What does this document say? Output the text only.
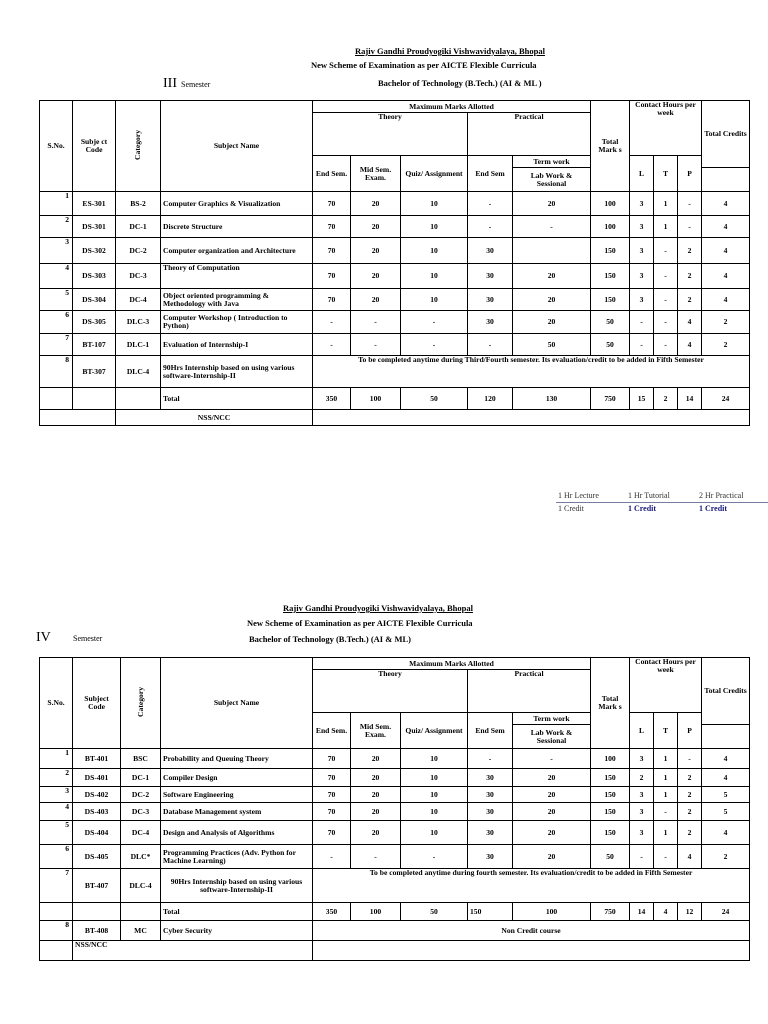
Rajiv Gandhi Proudyogiki Vishwavidyalaya, Bhopal
New Scheme of Examination as per AICTE Flexible Curricula
III Semester	Bachelor of Technology (B.Tech.) (AI & ML )
S.No.	Subje ct Code	Category	Subject Name	Maximum Marks Allotted					Total Mark s	Contact Hours per week			Total Credits
				Theory			Practical						
				End Sem.	Mid Sem. Exam.	Quiz/ Assignment	End Sem	Term work		L	T	P	
								Lab Work & Sessional					
1	ES-301	BS-2	Computer Graphics & Visualization	70	20	10	-	20	100	3	1	-	4
2	DS-301	DC-1	Discrete Structure	70	20	10	-	-	100	3	1	-	4
3	DS-302	DC-2	Computer organization and Architecture	70	20	10	30		150	3	-	2	4
4	DS-303	DC-3	Theory of Computation	70	20	10	30	20	150	3	-	2	4
5	DS-304	DC-4	Object oriented programming & Methodology with Java	70	20	10	30	20	150	3	-	2	4
6	DS-305	DLC-3	Computer Workshop ( Introduction to Python)	-	-	-	30	20	50	-	-	4	2
7	BT-107	DLC-1	Evaluation of Internship-I	-	-	-	-	50	50	-	-	4	2
8	BT-307	DLC-4	90Hrs Internship based on using various software-Internship-II	To be completed anytime during Third/Fourth semester. Its evaluation/credit to be added in Fifth Semester									
			Total	350	100	50	120	130	750	15	2	14	24
		NSS/NCC											
1 Hr Lecture	1 Hr Tutorial	2 Hr Practical
1 Credit	1 Credit	1 Credit
Rajiv Gandhi Proudyogiki Vishwavidyalaya, Bhopal
New Scheme of Examination as per AICTE Flexible Curricula
IV	Semester	Bachelor of Technology (B.Tech.) (AI & ML)
S.No.	Subject Code	Category	Subject Name	Maximum Marks Allotted					Total Mark s	Contact Hours per week			Total Credits
				Theory			Practical						
				End Sem.	Mid Sem. Exam.	Quiz/ Assignment	End Sem	Term work		L	T	P	
								Lab Work & Sessional					
1	BT-401	BSC	Probability and Queuing Theory	70	20	10	-	-	100	3	1	-	4
2	DS-401	DC-1	Compiler Design	70	20	10	30	20	150	2	1	2	4
3	DS-402	DC-2	Software Engineering	70	20	10	30	20	150	3	1	2	5
4	DS-403	DC-3	Database Management system	70	20	10	30	20	150	3	-	2	5
5	DS-404	DC-4	Design and Analysis of Algorithms	70	20	10	30	20	150	3	1	2	4
6	DS-405	DLC*	Programming Practices (Adv. Python for Machine Learning)	-	-	-	30	20	50	-	-	4	2
7	BT-407	DLC-4	90Hrs Internship based on using various software-Internship-II	To be completed anytime during fourth semester. Its evaluation/credit to be added in Fifth Semester									
			Total	350	100	50	150	100	750	14	4	12	24
8	BT-408	MC	Cyber Security	Non Credit course									
	NSS/NCC												
